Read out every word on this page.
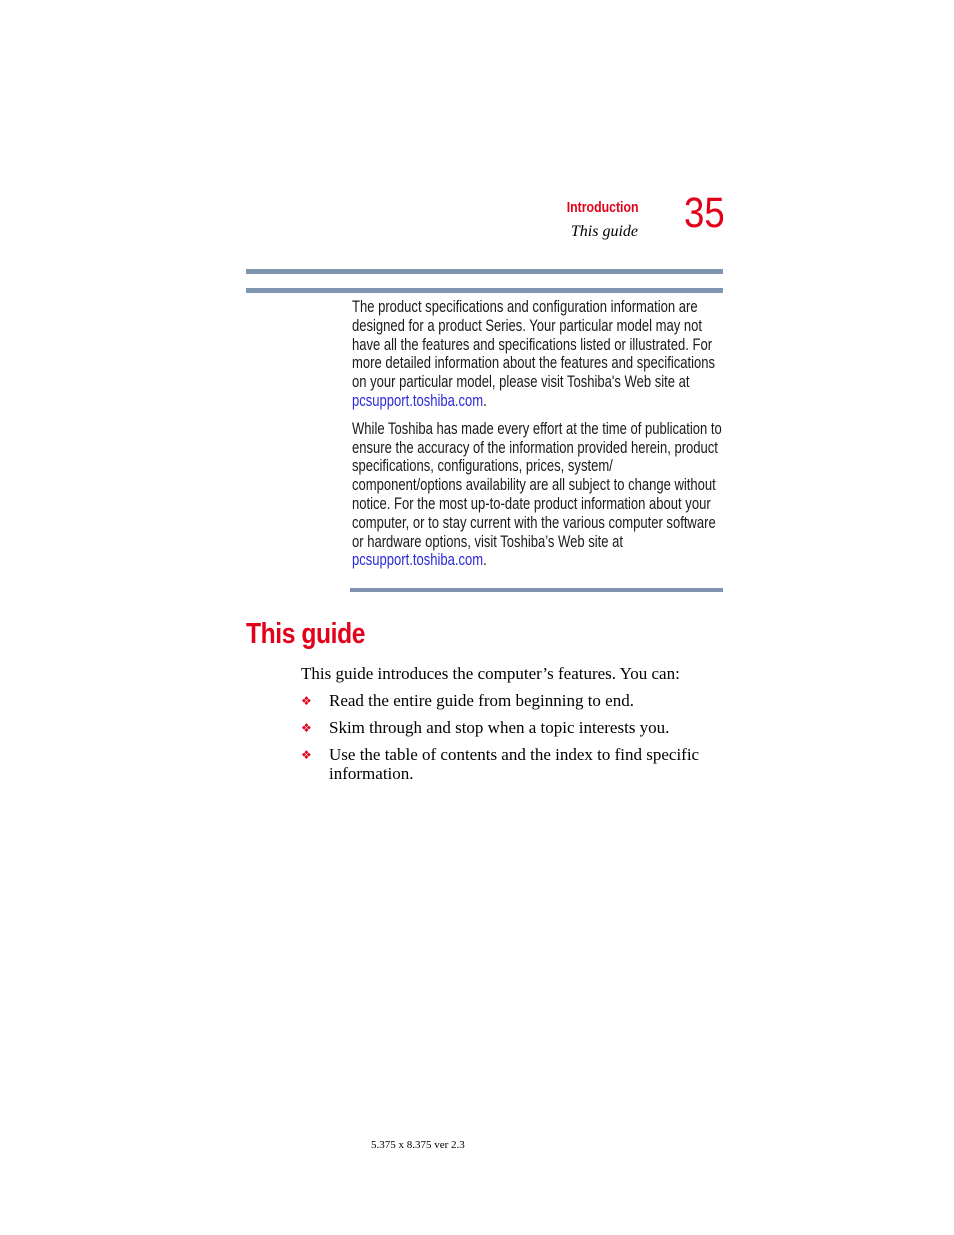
Introduction
This guide 35

The product specifications and configuration information are designed for a product Series. Your particular model may not have all the features and specifications listed or illustrated. For more detailed information about the features and specifications on your particular model, please visit Toshiba's Web site at pcsupport.toshiba.com.

While Toshiba has made every effort at the time of publication to ensure the accuracy of the information provided herein, product specifications, configurations, prices, system/ component/options availability are all subject to change without notice. For the most up-to-date product information about your computer, or to stay current with the various computer software or hardware options, visit Toshiba’s Web site at pcsupport.toshiba.com.

This guide
This guide introduces the computer’s features. You can:
❖ Read the entire guide from beginning to end.
❖ Skim through and stop when a topic interests you.
❖ Use the table of contents and the index to find specific information.
5.375 x 8.375 ver 2.3
